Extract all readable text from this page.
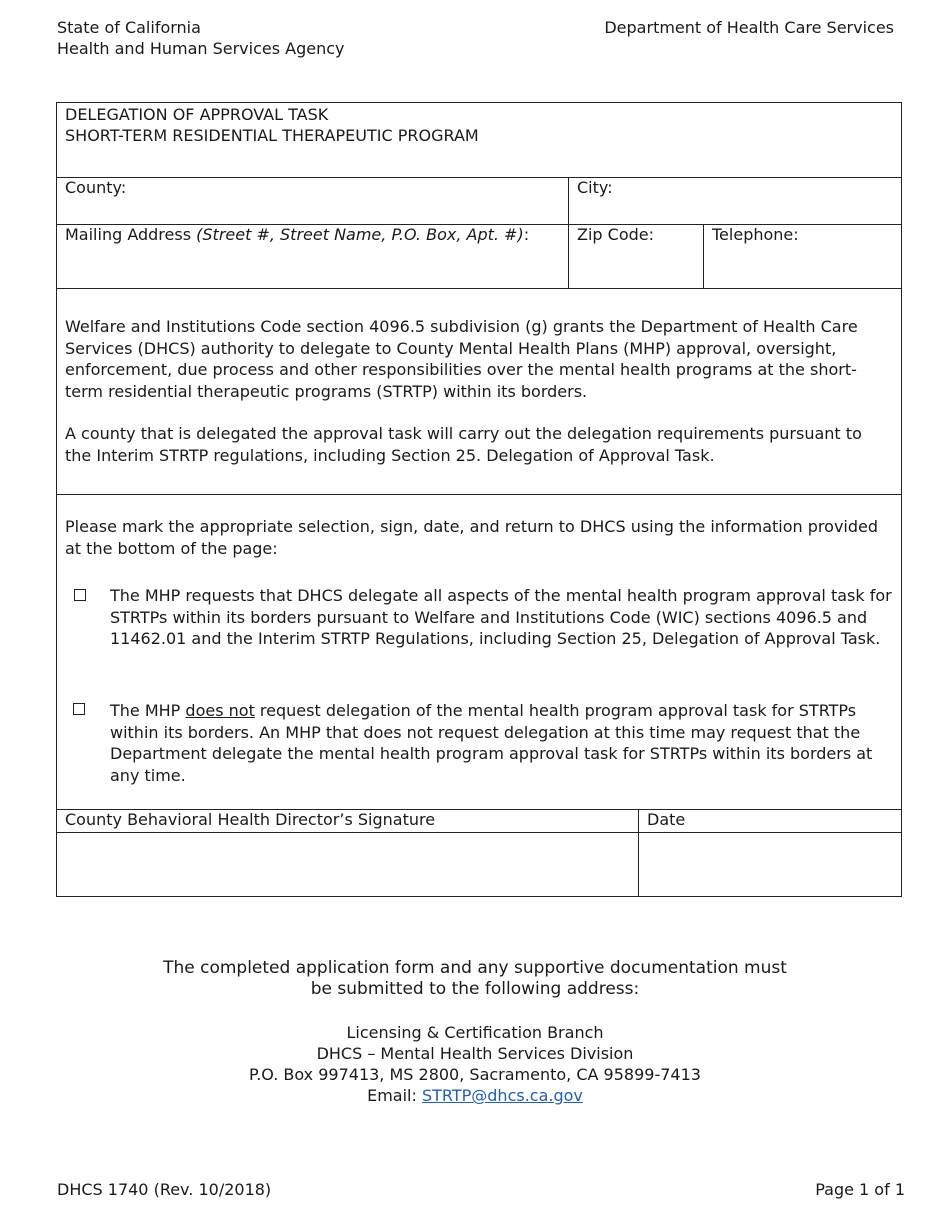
State of California
Health and Human Services Agency
Department of Health Care Services
DELEGATION OF APPROVAL TASK
SHORT-TERM RESIDENTIAL THERAPEUTIC PROGRAM
County:	City:
Mailing Address (Street #, Street Name, P.O. Box, Apt. #):	Zip Code:	Telephone:
Welfare and Institutions Code section 4096.5 subdivision (g) grants the Department of Health Care Services (DHCS) authority to delegate to County Mental Health Plans (MHP) approval, oversight, enforcement, due process and other responsibilities over the mental health programs at the short-term residential therapeutic programs (STRTP) within its borders.
A county that is delegated the approval task will carry out the delegation requirements pursuant to the Interim STRTP regulations, including Section 25. Delegation of Approval Task.
Please mark the appropriate selection, sign, date, and return to DHCS using the information provided at the bottom of the page:
The MHP requests that DHCS delegate all aspects of the mental health program approval task for STRTPs within its borders pursuant to Welfare and Institutions Code (WIC) sections 4096.5 and 11462.01 and the Interim STRTP Regulations, including Section 25, Delegation of Approval Task.
The MHP does not request delegation of the mental health program approval task for STRTPs within its borders. An MHP that does not request delegation at this time may request that the Department delegate the mental health program approval task for STRTPs within its borders at any time.
County Behavioral Health Director’s Signature	Date
The completed application form and any supportive documentation must
be submitted to the following address:
Licensing & Certification Branch
DHCS – Mental Health Services Division
P.O. Box 997413, MS 2800, Sacramento, CA 95899-7413
Email: STRTP@dhcs.ca.gov
DHCS 1740 (Rev. 10/2018)	Page 1 of 1
